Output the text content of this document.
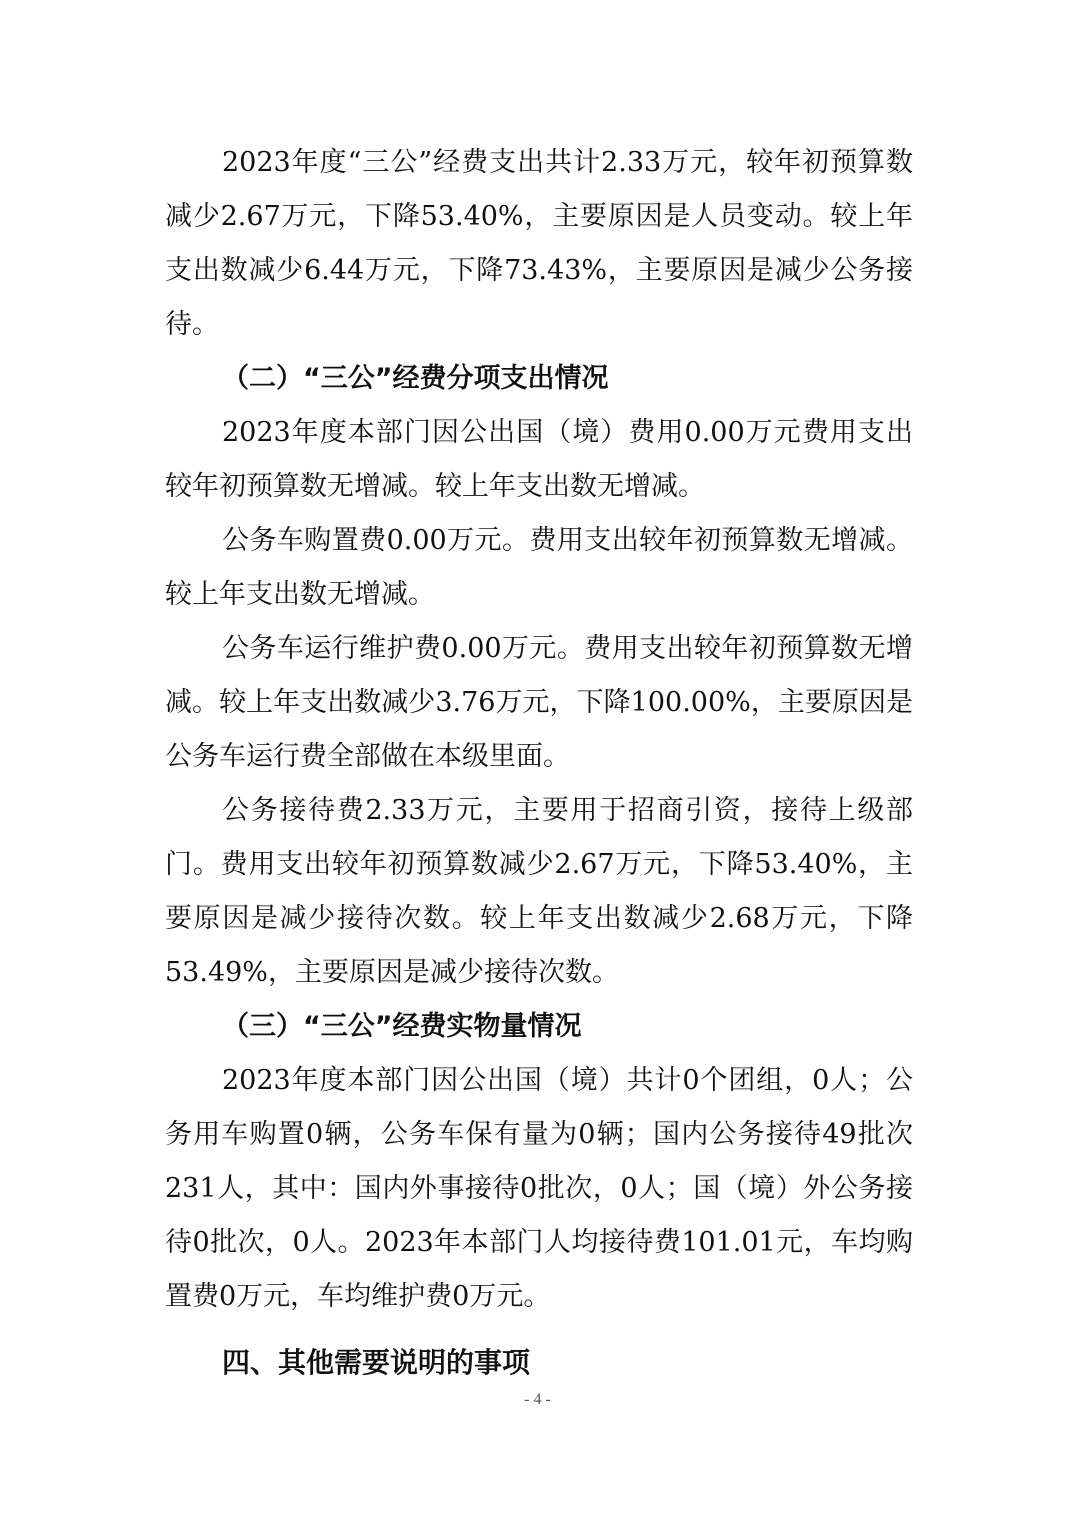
2023年度“三公”经费支出共计2.33万元，较年初预算数减少2.67万元，下降53.40%，主要原因是人员变动。较上年支出数减少6.44万元，下降73.43%，主要原因是减少公务接待。

（二）“三公”经费分项支出情况

2023年度本部门因公出国（境）费用0.00万元费用支出较年初预算数无增减。较上年支出数无增减。

公务车购置费0.00万元。费用支出较年初预算数无增减。较上年支出数无增减。

公务车运行维护费0.00万元。费用支出较年初预算数无增减。较上年支出数减少3.76万元，下降100.00%，主要原因是公务车运行费全部做在本级里面。

公务接待费2.33万元，主要用于招商引资，接待上级部门。费用支出较年初预算数减少2.67万元，下降53.40%，主要原因是减少接待次数。较上年支出数减少2.68万元，下降53.49%，主要原因是减少接待次数。

（三）“三公”经费实物量情况

2023年度本部门因公出国（境）共计0个团组，0人；公务用车购置0辆，公务车保有量为0辆；国内公务接待49批次231人，其中：国内外事接待0批次，0人；国（境）外公务接待0批次，0人。2023年本部门人均接待费101.01元，车均购置费0万元，车均维护费0万元。

四、其他需要说明的事项

- 4 -
